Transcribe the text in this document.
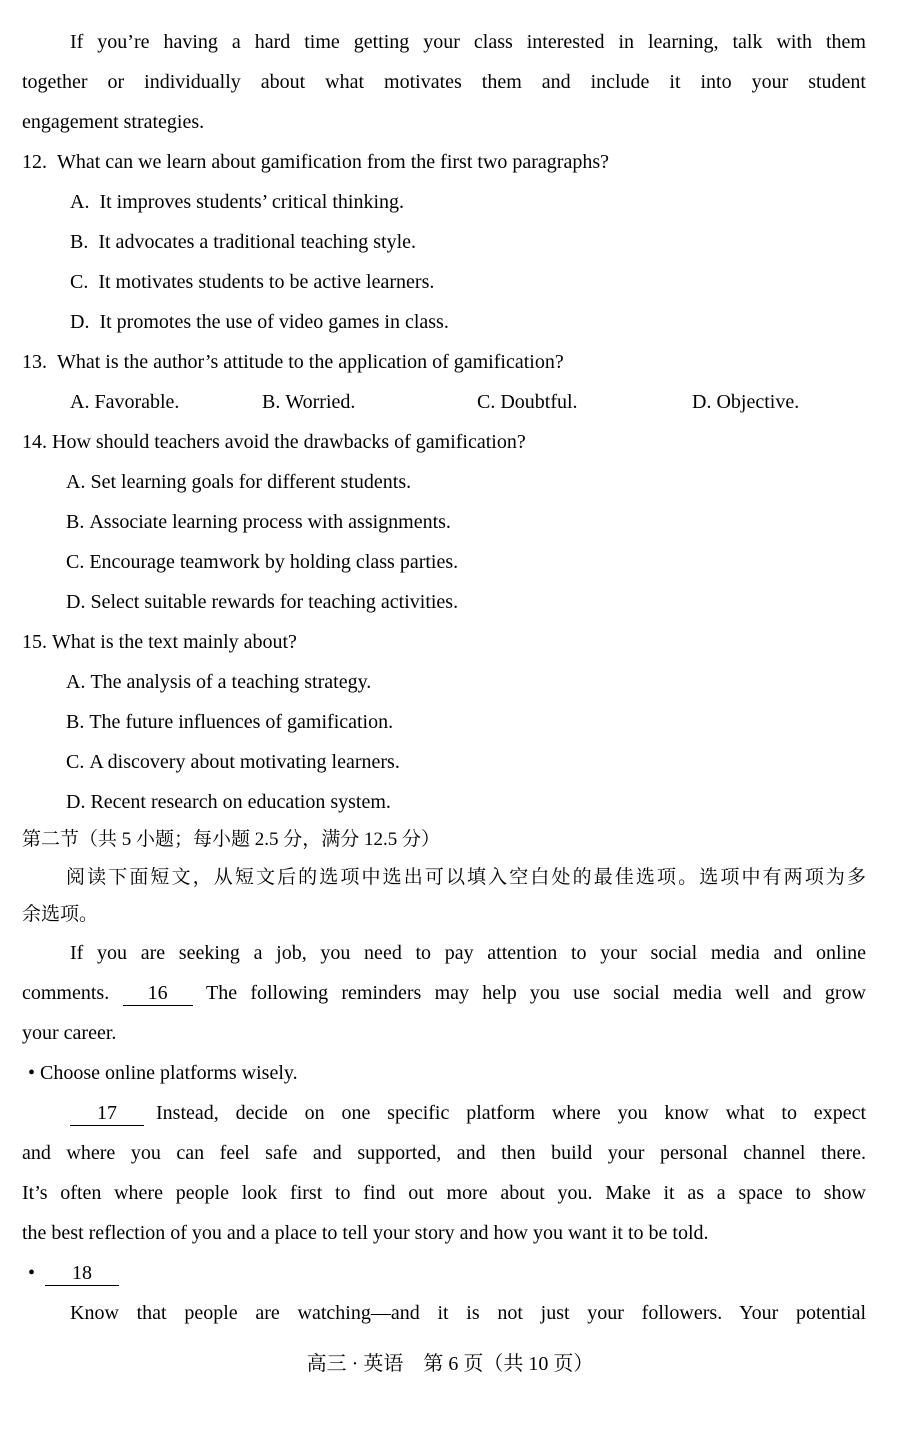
If you’re having a hard time getting your class interested in learning, talk with them
together or individually about what motivates them and include it into your student
engagement strategies.
12. What can we learn about gamification from the first two paragraphs?
A. It improves students’ critical thinking.
B. It advocates a traditional teaching style.
C. It motivates students to be active learners.
D. It promotes the use of video games in class.
13. What is the author’s attitude to the application of gamification?
A. Favorable.	B. Worried.	C. Doubtful.	D. Objective.
14. How should teachers avoid the drawbacks of gamification?
A. Set learning goals for different students.
B. Associate learning process with assignments.
C. Encourage teamwork by holding class parties.
D. Select suitable rewards for teaching activities.
15. What is the text mainly about?
A. The analysis of a teaching strategy.
B. The future influences of gamification.
C. A discovery about motivating learners.
D. Recent research on education system.
第二节（共 5 小题；每小题 2.5 分，满分 12.5 分）
阅读下面短文，从短文后的选项中选出可以填入空白处的最佳选项。选项中有两项为多
余选项。
If you are seeking a job, you need to pay attention to your social media and online
comments.	16	The following reminders may help you use social media well and grow
your career.
• Choose online platforms wisely.
17	Instead, decide on one specific platform where you know what to expect
and where you can feel safe and supported, and then build your personal channel there.
It’s often where people look first to find out more about you. Make it as a space to show
the best reflection of you and a place to tell your story and how you want it to be told.
• 18
Know that people are watching—and it is not just your followers. Your potential
高三 · 英语　第 6 页（共 10 页）
